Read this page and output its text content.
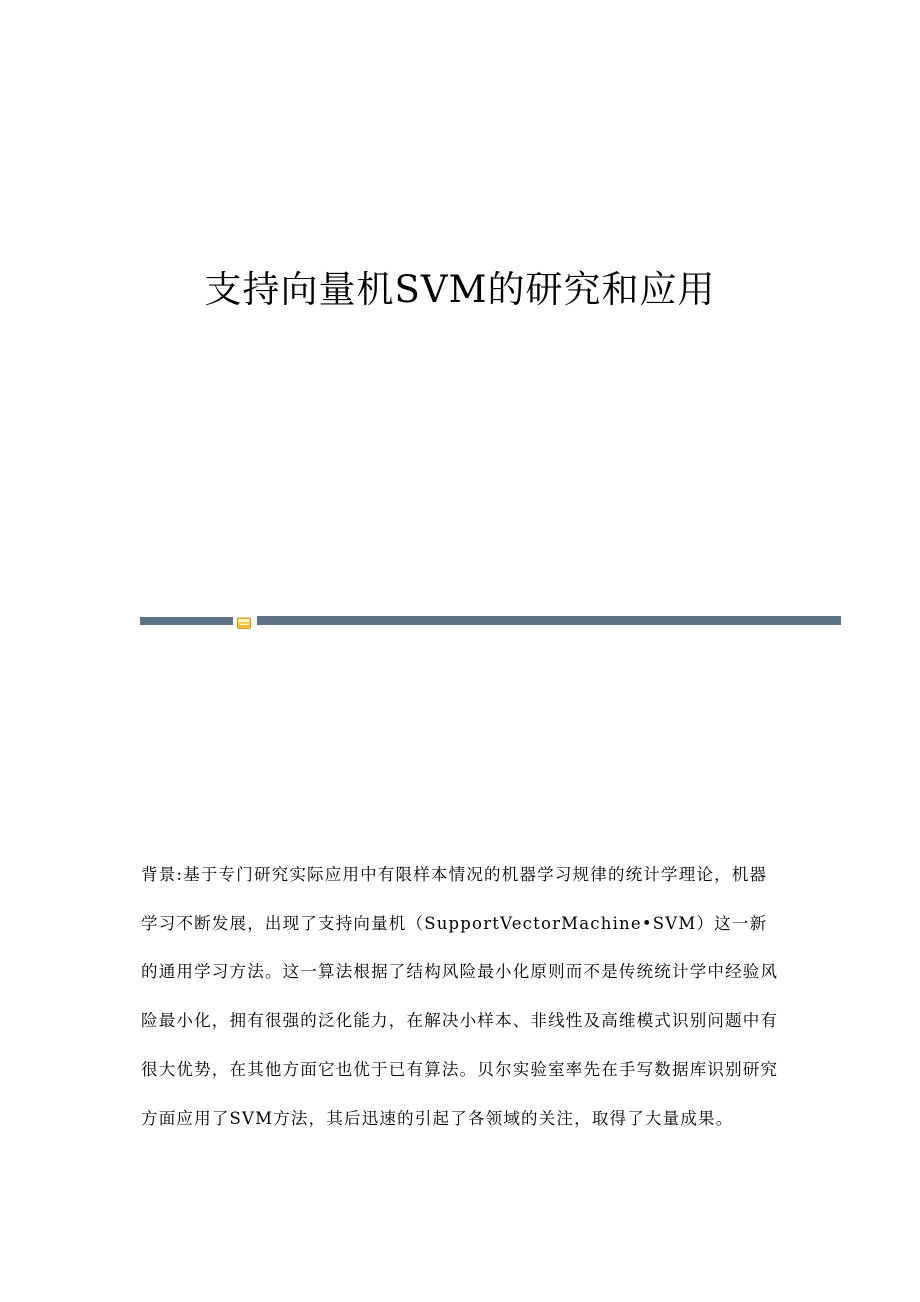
支持向量机SVM的研究和应用

背景:基于专门研究实际应用中有限样本情况的机器学习规律的统计学理论，机器学习不断发展，出现了支持向量机（SupportVectorMachine•SVM）这一新的通用学习方法。这一算法根据了结构风险最小化原则而不是传统统计学中经验风险最小化，拥有很强的泛化能力，在解决小样本、非线性及高维模式识别问题中有很大优势，在其他方面它也优于已有算法。贝尔实验室率先在手写数据库识别研究方面应用了SVM方法，其后迅速的引起了各领域的关注，取得了大量成果。
